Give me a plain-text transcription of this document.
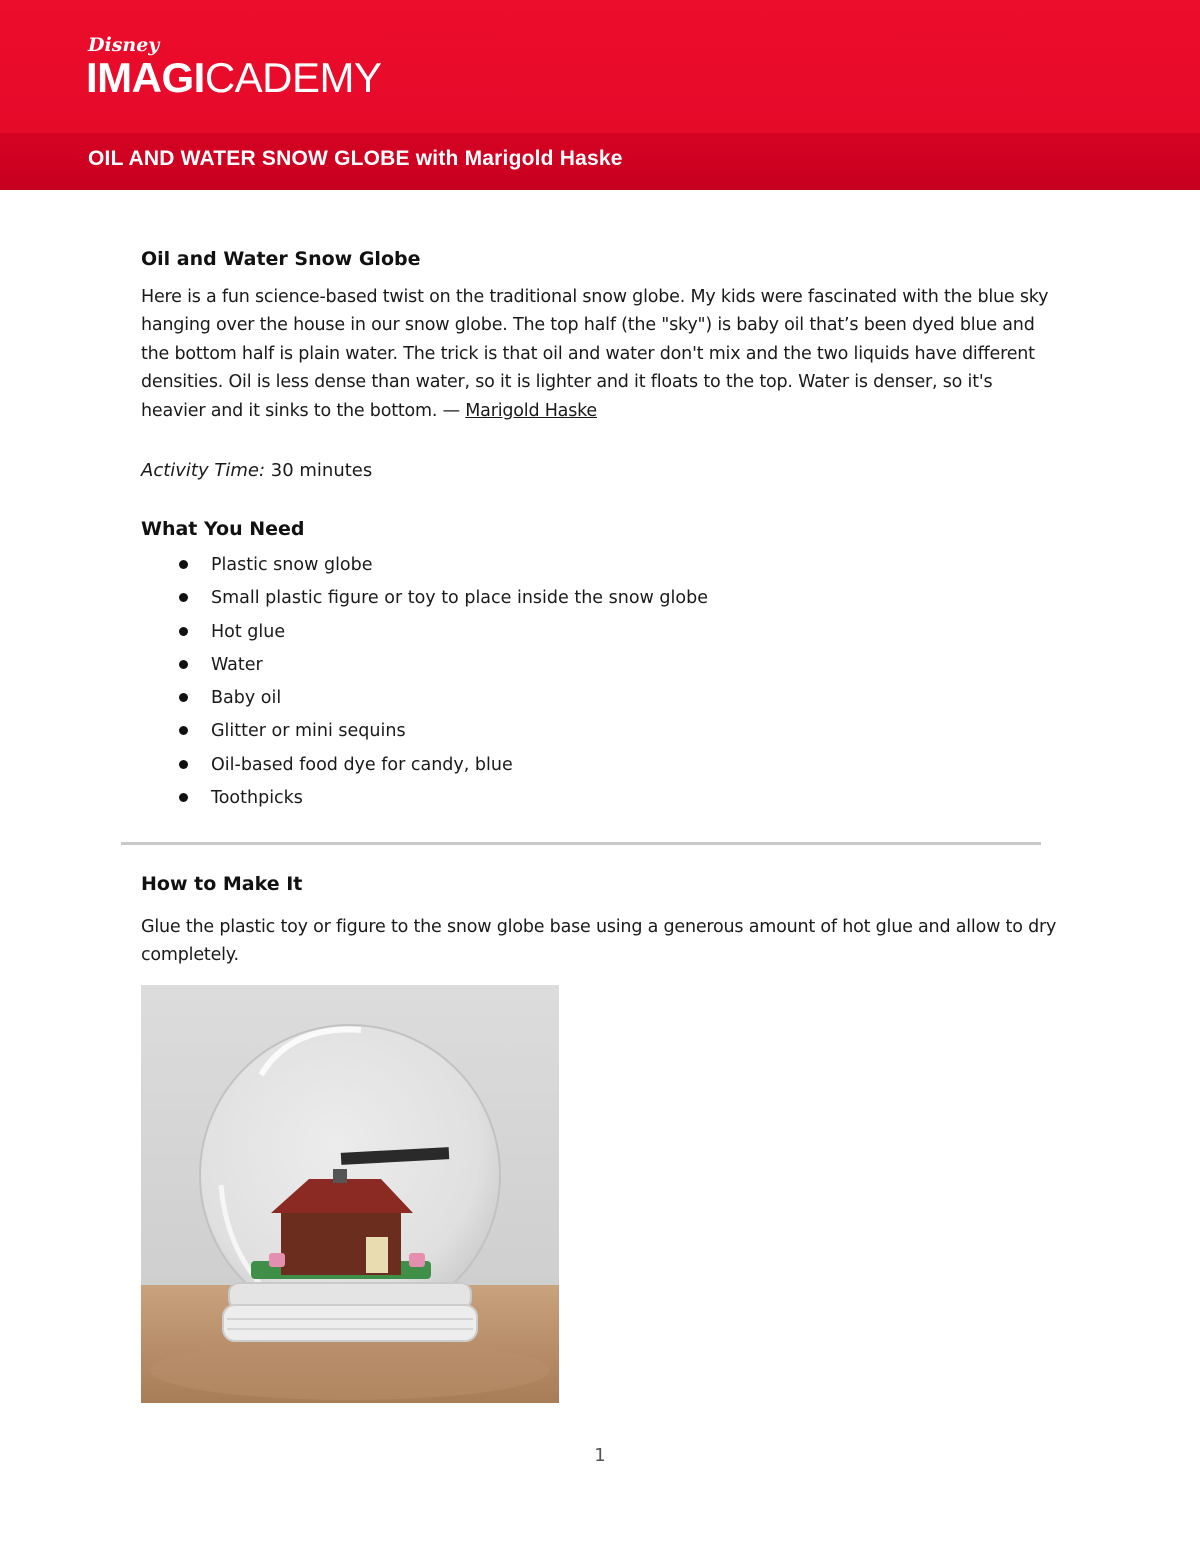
Disney
IMAGICADEMY
OIL AND WATER SNOW GLOBE with Marigold Haske
Oil and Water Snow Globe
Here is a fun science-based twist on the traditional snow globe. My kids were fascinated with the blue sky hanging over the house in our snow globe. The top half (the "sky") is baby oil that’s been dyed blue and the bottom half is plain water. The trick is that oil and water don't mix and the two liquids have different densities. Oil is less dense than water, so it is lighter and it floats to the top. Water is denser, so it's heavier and it sinks to the bottom. — Marigold Haske
Activity Time: 30 minutes
What You Need
Plastic snow globe
Small plastic figure or toy to place inside the snow globe
Hot glue
Water
Baby oil
Glitter or mini sequins
Oil-based food dye for candy, blue
Toothpicks
How to Make It
Glue the plastic toy or figure to the snow globe base using a generous amount of hot glue and allow to dry completely.
1
